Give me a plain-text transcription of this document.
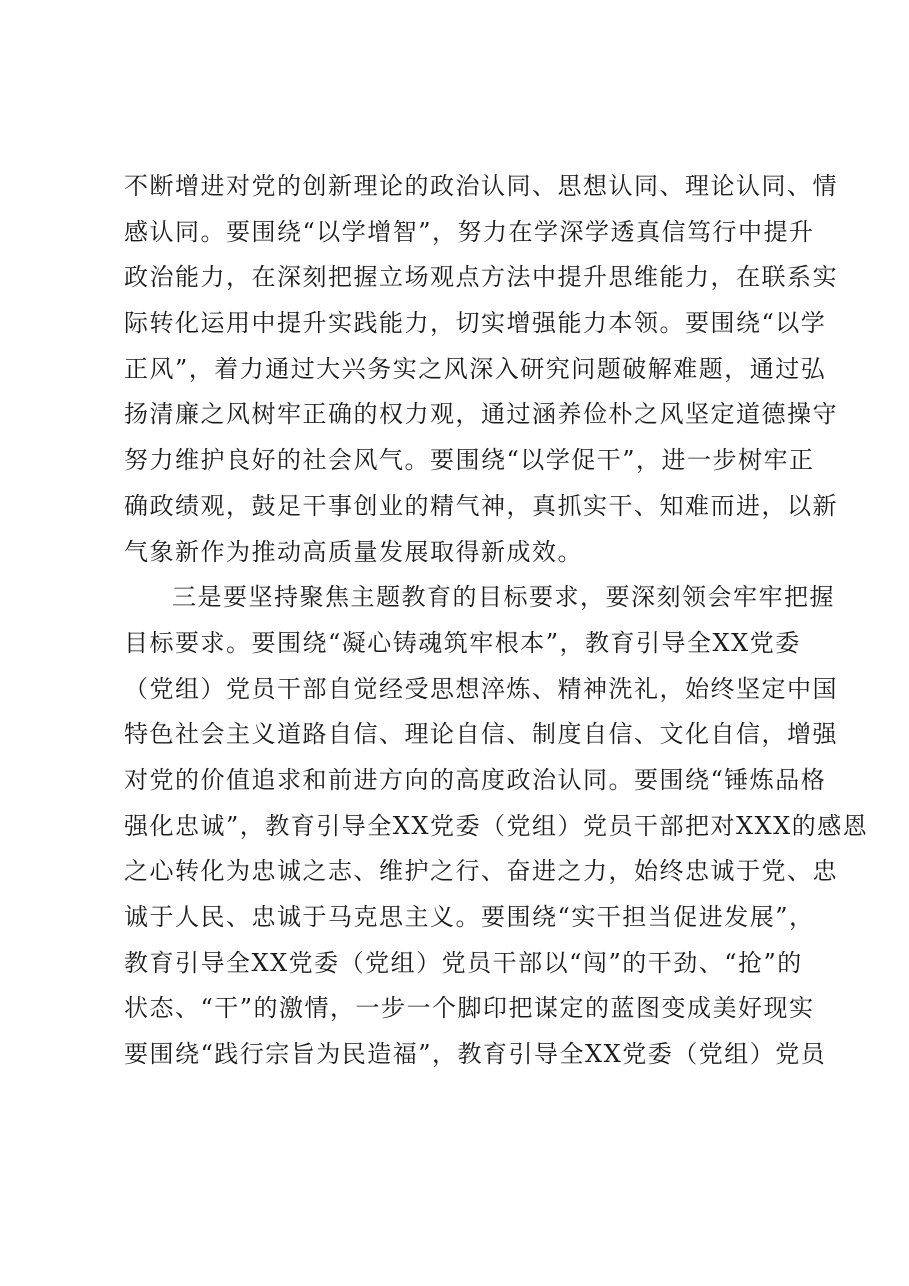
不断增进对党的创新理论的政治认同、思想认同、理论认同、情
感认同。要围绕“以学增智”，努力在学深学透真信笃行中提升
政治能力，在深刻把握立场观点方法中提升思维能力，在联系实
际转化运用中提升实践能力，切实增强能力本领。要围绕“以学
正风”，着力通过大兴务实之风深入研究问题破解难题，通过弘
扬清廉之风树牢正确的权力观，通过涵养俭朴之风坚定道德操守
努力维护良好的社会风气。要围绕“以学促干”，进一步树牢正
确政绩观，鼓足干事创业的精气神，真抓实干、知难而进，以新
气象新作为推动高质量发展取得新成效。
三是要坚持聚焦主题教育的目标要求，要深刻领会牢牢把握
目标要求。要围绕“凝心铸魂筑牢根本”，教育引导全XX党委
（党组）党员干部自觉经受思想淬炼、精神洗礼，始终坚定中国
特色社会主义道路自信、理论自信、制度自信、文化自信，增强
对党的价值追求和前进方向的高度政治认同。要围绕“锤炼品格
强化忠诚”，教育引导全XX党委（党组）党员干部把对XXX的感恩
之心转化为忠诚之志、维护之行、奋进之力，始终忠诚于党、忠
诚于人民、忠诚于马克思主义。要围绕“实干担当促进发展”，
教育引导全XX党委（党组）党员干部以“闯”的干劲、“抢”的
状态、“干”的激情，一步一个脚印把谋定的蓝图变成美好现实
要围绕“践行宗旨为民造福”，教育引导全XX党委（党组）党员
